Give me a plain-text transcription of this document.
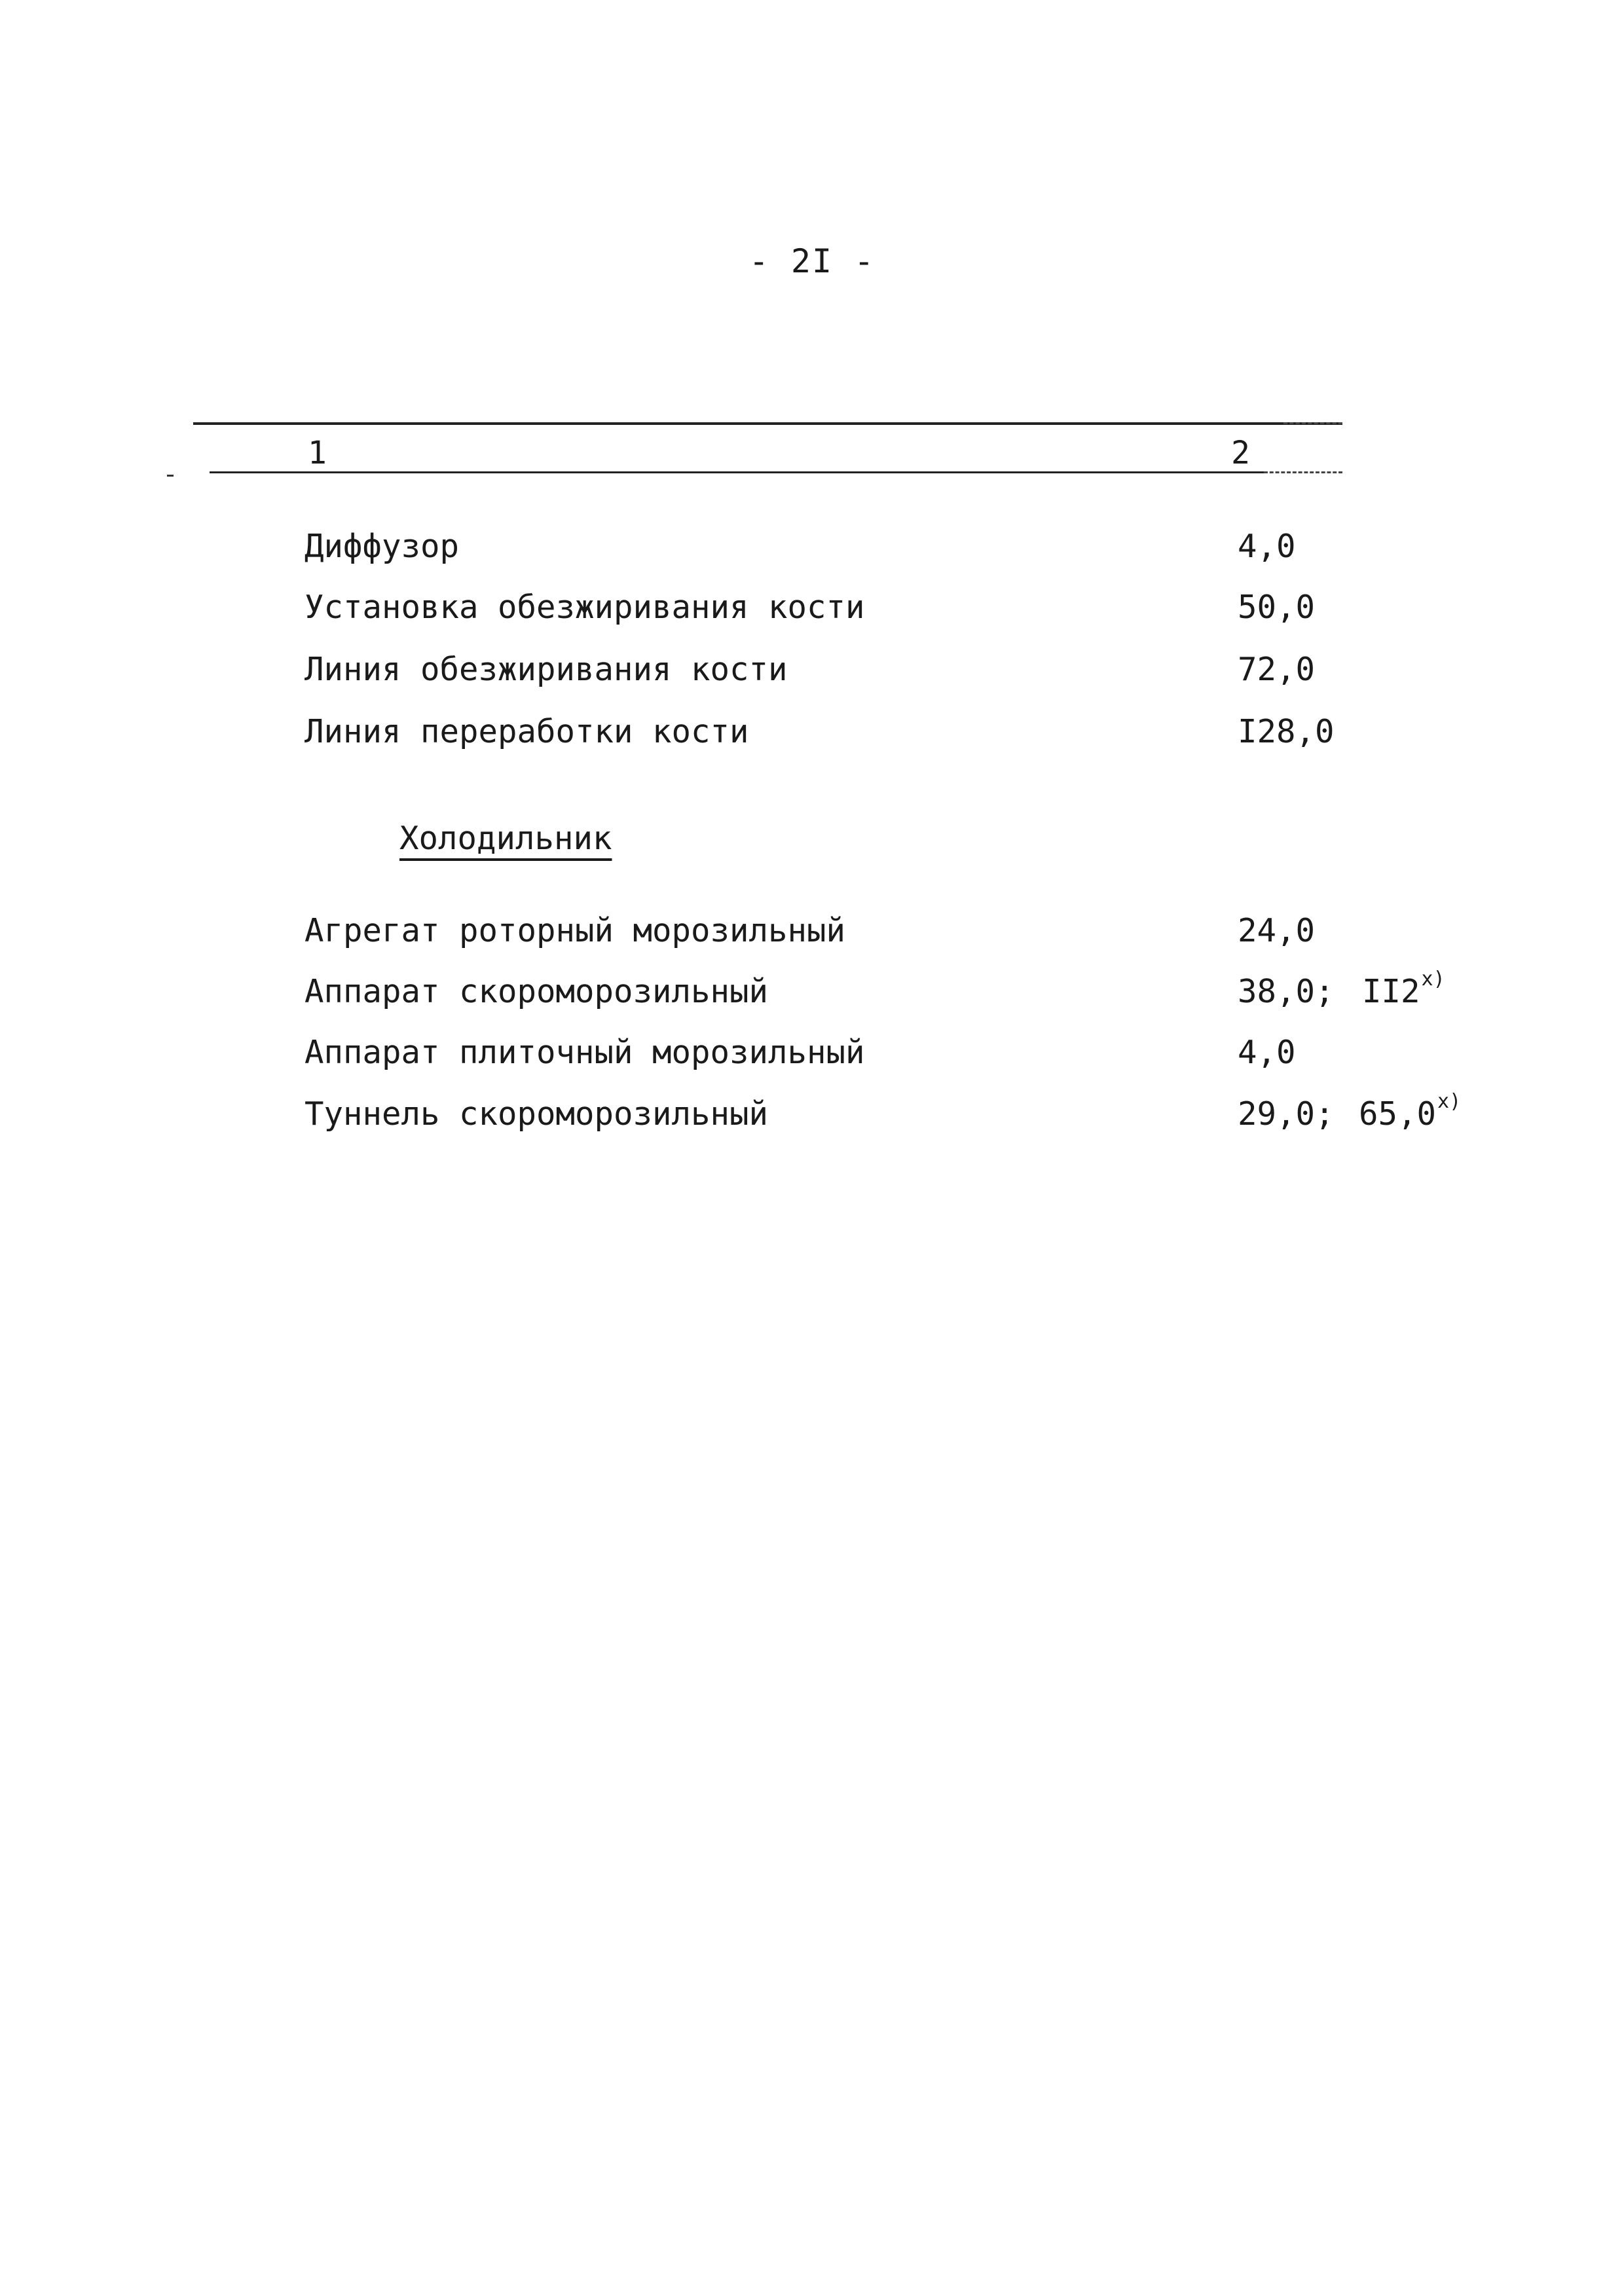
- 2I -
1	2
Диффузор	4,0
Установка обезжиривания кости	50,0
Линия обезжиривания кости	72,0
Линия переработки кости	I28,0
Холодильник
Агрегат роторный морозильный	24,0
Аппарат скороморозильный	38,0; II2$^{x)}$
Аппарат плиточный морозильный	4,0
Туннель скороморозильный	29,0; 65,0$^{x)}$
